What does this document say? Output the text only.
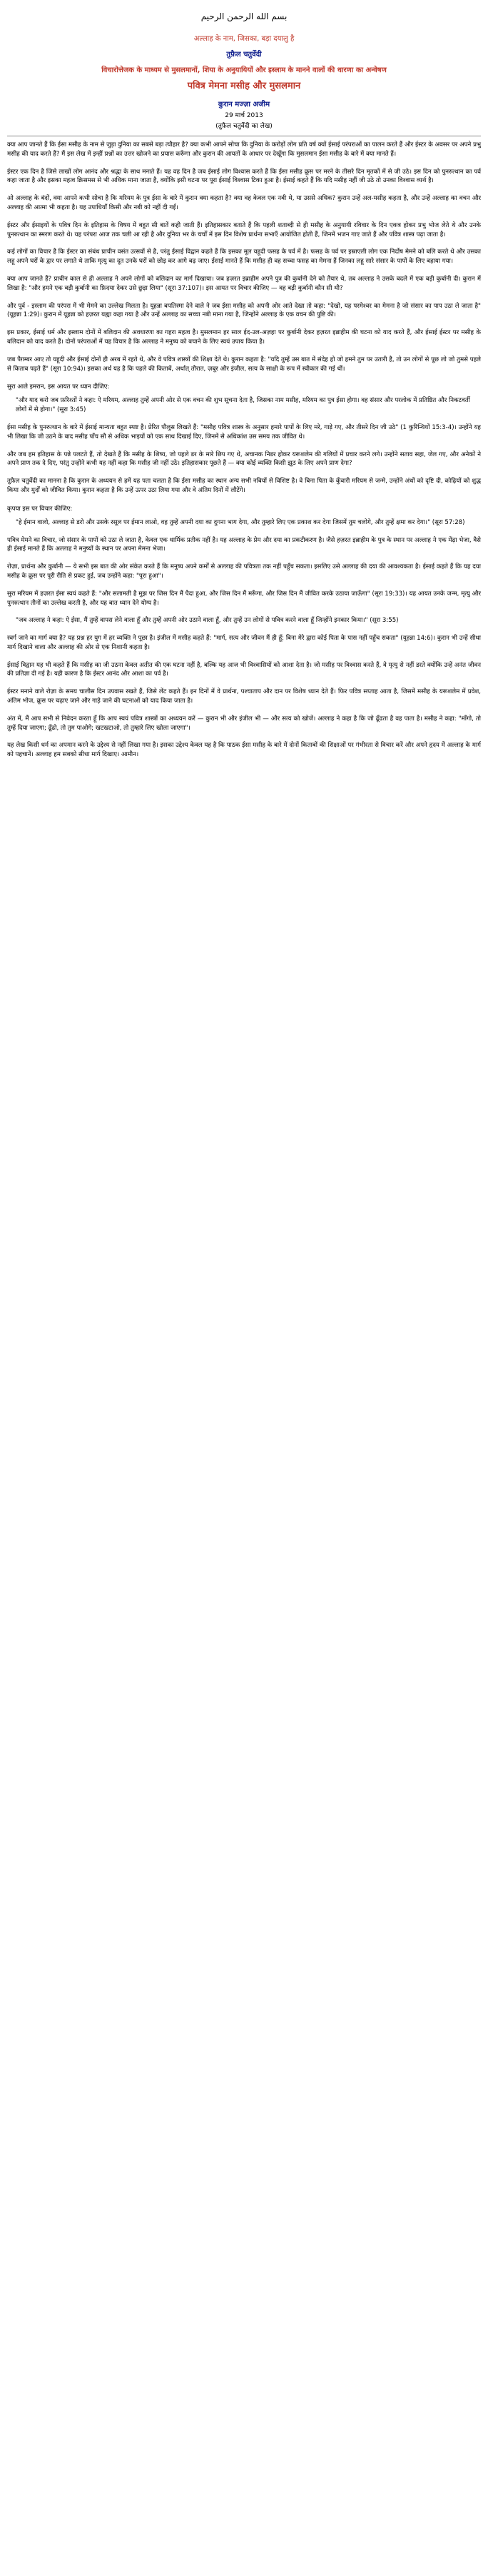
بسم الله الرحمن الرحيم
अल्लाह के नाम, जिसका, बड़ा दयालु है
तुफ़ैल चतुर्वेदी
विचारोत्तेजक के माध्यम से मुसलमानों, शिया के अनुयायियों और इस्लाम के मानने वालों की धारणा का अन्वेषण
पवित्र मेमना मसीह और मुसलमान
कुरान मज्ज़ा अजीम
29 मार्च 2013
(तुफ़ैल चतुर्वेदी का लेख)

क्या आप जानते हैं कि ईसा मसीह के नाम से जुड़ा दुनिया का सबसे बड़ा त्यौहार है? क्या कभी आपने सोचा कि दुनिया के करोड़ों लोग प्रति वर्ष क्यों ईसाई परंपराओं का पालन करते हैं और ईस्टर के अवसर पर अपने प्रभु मसीह की याद करते हैं? मैं इस लेख में इन्हीं प्रश्नों का उत्तर खोजने का प्रयास करूँगा और कुरान की आयतों के आधार पर देखूँगा कि मुसलमान ईसा मसीह के बारे में क्या मानते हैं।

ईस्टर एक दिन है जिसे लाखों लोग आनंद और श्रद्धा के साथ मनाते हैं। यह वह दिन है जब ईसाई लोग विश्वास करते हैं कि ईसा मसीह क्रूस पर मरने के तीसरे दिन मृतकों में से जी उठे। इस दिन को पुनरुत्थान का पर्व कहा जाता है और इसका महत्व क्रिसमस से भी अधिक माना जाता है, क्योंकि इसी घटना पर पूरा ईसाई विश्वास टिका हुआ है। ईसाई कहते हैं कि यदि मसीह नहीं जी उठे तो उनका विश्वास व्यर्थ है।

ओ अल्लाह के बंदों, क्या आपने कभी सोचा है कि मरियम के पुत्र ईसा के बारे में कुरान क्या कहता है? क्या वह केवल एक नबी थे, या उससे अधिक? कुरान उन्हें अल-मसीह कहता है, और उन्हें अल्लाह का वचन और अल्लाह की आत्मा भी कहता है। यह उपाधियाँ किसी और नबी को नहीं दी गईं।

ईस्टर और ईसाइयों के पवित्र दिन के इतिहास के विषय में बहुत सी बातें कही जाती हैं। इतिहासकार बताते हैं कि पहली शताब्दी से ही मसीह के अनुयायी रविवार के दिन एकत्र होकर प्रभु भोज लेते थे और उनके पुनरुत्थान का स्मरण करते थे। यह परंपरा आज तक चली आ रही है और दुनिया भर के चर्चों में इस दिन विशेष प्रार्थना सभाएँ आयोजित होती हैं, जिनमें भजन गाए जाते हैं और पवित्र शास्त्र पढ़ा जाता है।

कई लोगों का विचार है कि ईस्टर का संबंध प्राचीन वसंत उत्सवों से है, परंतु ईसाई विद्वान कहते हैं कि इसका मूल यहूदी फसह के पर्व में है। फसह के पर्व पर इस्राएली लोग एक निर्दोष मेमने को बलि करते थे और उसका लहू अपने घरों के द्वार पर लगाते थे ताकि मृत्यु का दूत उनके घरों को छोड़ कर आगे बढ़ जाए। ईसाई मानते हैं कि मसीह ही वह सच्चा फसह का मेमना हैं जिनका लहू सारे संसार के पापों के लिए बहाया गया।

क्या आप जानते हैं? प्राचीन काल से ही अल्लाह ने अपने लोगों को बलिदान का मार्ग दिखाया। जब हज़रत इब्राहीम अपने पुत्र की कुर्बानी देने को तैयार थे, तब अल्लाह ने उसके बदले में एक बड़ी कुर्बानी दी। कुरान में लिखा है: "और हमने एक बड़ी कुर्बानी का फ़िदया देकर उसे छुड़ा लिया" (सूरा 37:107)। इस आयत पर विचार कीजिए — वह बड़ी कुर्बानी कौन सी थी?

और पूर्व - इस्लाम की परंपरा में भी मेमने का उल्लेख मिलता है। यूहन्ना बपतिस्मा देने वाले ने जब ईसा मसीह को अपनी ओर आते देखा तो कहा: "देखो, यह परमेश्वर का मेमना है जो संसार का पाप उठा ले जाता है" (यूहन्ना 1:29)। कुरान में यूहन्ना को हज़रत यह्या कहा गया है और उन्हें अल्लाह का सच्चा नबी माना गया है, जिन्होंने अल्लाह के एक वचन की पुष्टि की।

इस प्रकार, ईसाई धर्म और इस्लाम दोनों में बलिदान की अवधारणा का गहरा महत्व है। मुसलमान हर साल ईद-उल-अज़हा पर कुर्बानी देकर हज़रत इब्राहीम की घटना को याद करते हैं, और ईसाई ईस्टर पर मसीह के बलिदान को याद करते हैं। दोनों परंपराओं में यह विचार है कि अल्लाह ने मनुष्य को बचाने के लिए स्वयं उपाय किया है।

जब पैग़म्बर आए तो यहूदी और ईसाई दोनों ही अरब में रहते थे, और वे पवित्र शास्त्रों की शिक्षा देते थे। कुरान कहता है: "यदि तुम्हें उस बात में संदेह हो जो हमने तुम पर उतारी है, तो उन लोगों से पूछ लो जो तुमसे पहले से किताब पढ़ते हैं" (सूरा 10:94)। इसका अर्थ यह है कि पहले की किताबें, अर्थात् तौरात, ज़बूर और इंजील, सत्य के साक्षी के रूप में स्वीकार की गई थीं।

सुरा आले इमरान, इस आयत पर ध्यान दीजिए:

"और याद करो जब फ़रिश्तों ने कहा: ऐ मरियम, अल्लाह तुम्हें अपनी ओर से एक वचन की शुभ सूचना देता है, जिसका नाम मसीह, मरियम का पुत्र ईसा होगा। वह संसार और परलोक में प्रतिष्ठित और निकटवर्ती लोगों में से होगा।" (सूरा 3:45)

ईसा मसीह के पुनरुत्थान के बारे में ईसाई मान्यता बहुत स्पष्ट है। प्रेरित पौलुस लिखते हैं: "मसीह पवित्र शास्त्र के अनुसार हमारे पापों के लिए मरे, गाड़े गए, और तीसरे दिन जी उठे" (1 कुरिन्थियों 15:3-4)। उन्होंने यह भी लिखा कि जी उठने के बाद मसीह पाँच सौ से अधिक भाइयों को एक साथ दिखाई दिए, जिनमें से अधिकांश उस समय तक जीवित थे।

और जब हम इतिहास के पन्ने पलटते हैं, तो देखते हैं कि मसीह के शिष्य, जो पहले डर के मारे छिप गए थे, अचानक निडर होकर यरूशलेम की गलियों में प्रचार करने लगे। उन्होंने सताव सहा, जेल गए, और अनेकों ने अपने प्राण तक दे दिए, परंतु उन्होंने कभी यह नहीं कहा कि मसीह जी नहीं उठे। इतिहासकार पूछते हैं — क्या कोई व्यक्ति किसी झूठ के लिए अपने प्राण देगा?

तुफ़ैल चतुर्वेदी का मानना है कि कुरान के अध्ययन से हमें यह पता चलता है कि ईसा मसीह का स्थान अन्य सभी नबियों से विशिष्ट है। वे बिना पिता के कुँवारी मरियम से जन्मे, उन्होंने अंधों को दृष्टि दी, कोढ़ियों को शुद्ध किया और मुर्दों को जीवित किया। कुरान कहता है कि उन्हें ऊपर उठा लिया गया और वे अंतिम दिनों में लौटेंगे।

कृपया इस पर विचार कीजिए:

"हे ईमान वालो, अल्लाह से डरो और उसके रसूल पर ईमान लाओ, वह तुम्हें अपनी दया का दुगना भाग देगा, और तुम्हारे लिए एक प्रकाश कर देगा जिसमें तुम चलोगे, और तुम्हें क्षमा कर देगा।" (सूरा 57:28)

पवित्र मेमने का विचार, जो संसार के पापों को उठा ले जाता है, केवल एक धार्मिक प्रतीक नहीं है। यह अल्लाह के प्रेम और दया का प्रकटीकरण है। जैसे हज़रत इब्राहीम के पुत्र के स्थान पर अल्लाह ने एक मेंढ़ा भेजा, वैसे ही ईसाई मानते हैं कि अल्लाह ने मनुष्यों के स्थान पर अपना मेमना भेजा।

रोज़ा, प्रार्थना और कुर्बानी — ये सभी इस बात की ओर संकेत करते हैं कि मनुष्य अपने कर्मों से अल्लाह की पवित्रता तक नहीं पहुँच सकता। इसलिए उसे अल्लाह की दया की आवश्यकता है। ईसाई कहते हैं कि यह दया मसीह के क्रूस पर पूरी रीति से प्रकट हुई, जब उन्होंने कहा: "पूरा हुआ"।

सुरा मरियम में हज़रत ईसा स्वयं कहते हैं: "और सलामती है मुझ पर जिस दिन मैं पैदा हुआ, और जिस दिन मैं मरूँगा, और जिस दिन मैं जीवित करके उठाया जाऊँगा" (सूरा 19:33)। यह आयत उनके जन्म, मृत्यु और पुनरुत्थान तीनों का उल्लेख करती है, और यह बात ध्यान देने योग्य है।

"जब अल्लाह ने कहा: ऐ ईसा, मैं तुम्हें वापस लेने वाला हूँ और तुम्हें अपनी ओर उठाने वाला हूँ, और तुम्हें उन लोगों से पवित्र करने वाला हूँ जिन्होंने इनकार किया।" (सूरा 3:55)

स्वर्ग जाने का मार्ग क्या है? यह प्रश्न हर युग में हर व्यक्ति ने पूछा है। इंजील में मसीह कहते हैं: "मार्ग, सत्य और जीवन मैं ही हूँ; बिना मेरे द्वारा कोई पिता के पास नहीं पहुँच सकता" (यूहन्ना 14:6)। कुरान भी उन्हें सीधा मार्ग दिखाने वाला और अल्लाह की ओर से एक निशानी कहता है।

ईसाई विद्वान यह भी कहते हैं कि मसीह का जी उठना केवल अतीत की एक घटना नहीं है, बल्कि यह आज भी विश्वासियों को आशा देता है। जो मसीह पर विश्वास करते हैं, वे मृत्यु से नहीं डरते क्योंकि उन्हें अनंत जीवन की प्रतिज्ञा दी गई है। यही कारण है कि ईस्टर आनंद और आशा का पर्व है।

ईस्टर मनाने वाले रोज़ा के समय चालीस दिन उपवास रखते हैं, जिसे लेंट कहते हैं। इन दिनों में वे प्रार्थना, पश्चाताप और दान पर विशेष ध्यान देते हैं। फिर पवित्र सप्ताह आता है, जिसमें मसीह के यरूशलेम में प्रवेश, अंतिम भोज, क्रूस पर चढ़ाए जाने और गाड़े जाने की घटनाओं को याद किया जाता है।

अंत में, मैं आप सभी से निवेदन करता हूँ कि आप स्वयं पवित्र शास्त्रों का अध्ययन करें — कुरान भी और इंजील भी — और सत्य को खोजें। अल्लाह ने कहा है कि जो ढूँढता है वह पाता है। मसीह ने कहा: "माँगो, तो तुम्हें दिया जाएगा; ढूँढो, तो तुम पाओगे; खटखटाओ, तो तुम्हारे लिए खोला जाएगा"।

यह लेख किसी धर्म का अपमान करने के उद्देश्य से नहीं लिखा गया है। इसका उद्देश्य केवल यह है कि पाठक ईसा मसीह के बारे में दोनों किताबों की शिक्षाओं पर गंभीरता से विचार करें और अपने हृदय में अल्लाह के मार्ग को पहचानें। अल्लाह हम सबको सीधा मार्ग दिखाए। आमीन।
